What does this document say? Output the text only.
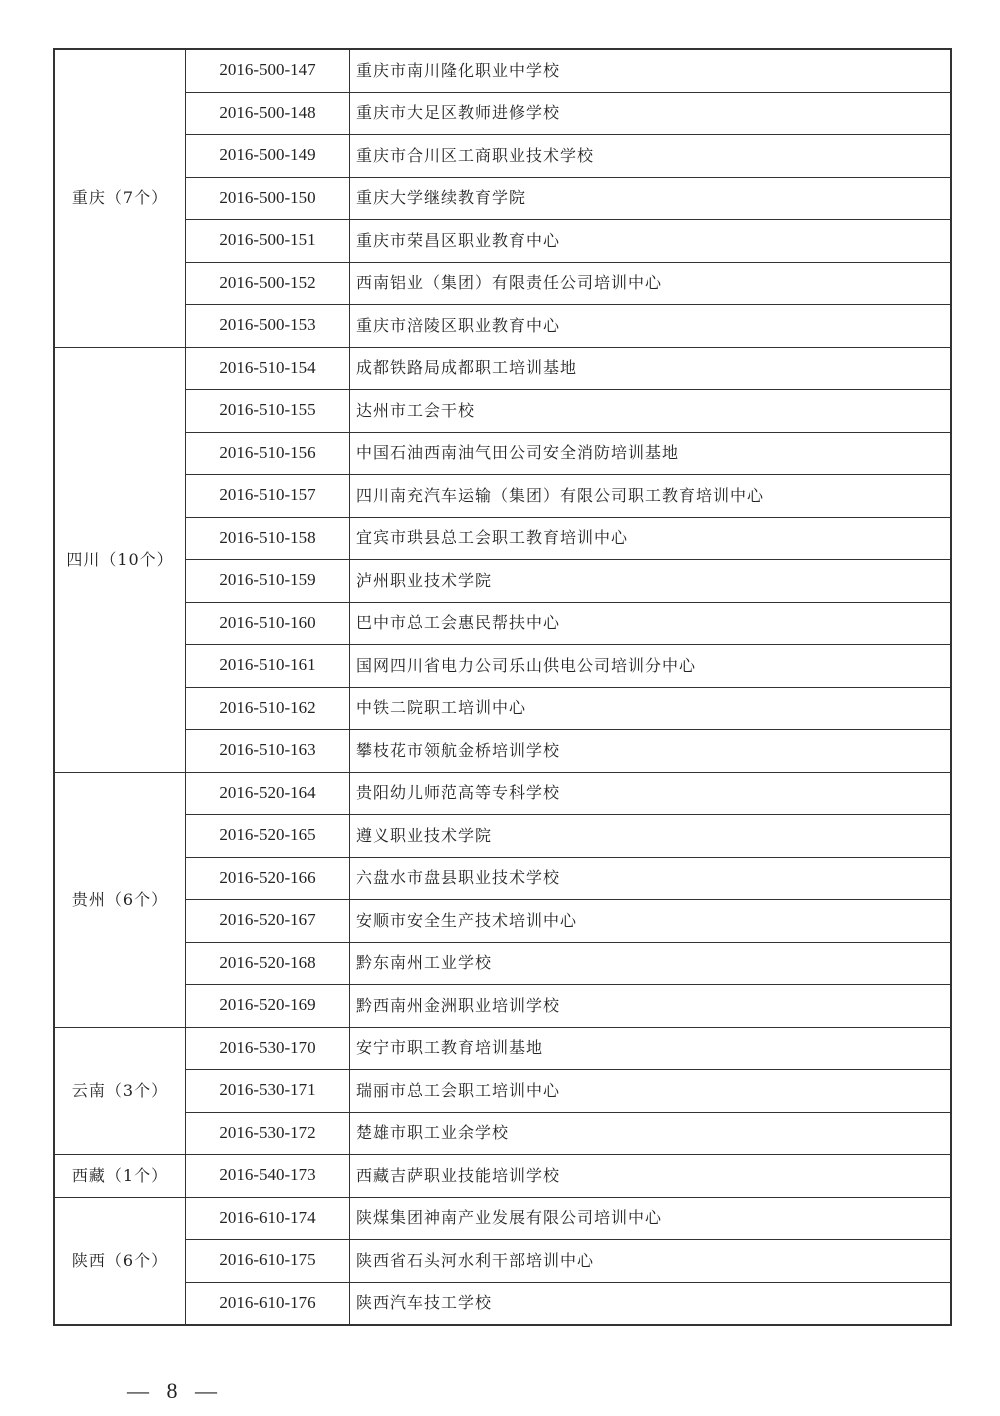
重庆（7个）	2016-500-147	重庆市南川隆化职业中学校
	2016-500-148	重庆市大足区教师进修学校
	2016-500-149	重庆市合川区工商职业技术学校
	2016-500-150	重庆大学继续教育学院
	2016-500-151	重庆市荣昌区职业教育中心
	2016-500-152	西南铝业（集团）有限责任公司培训中心
	2016-500-153	重庆市涪陵区职业教育中心
四川（10个）	2016-510-154	成都铁路局成都职工培训基地
	2016-510-155	达州市工会干校
	2016-510-156	中国石油西南油气田公司安全消防培训基地
	2016-510-157	四川南充汽车运输（集团）有限公司职工教育培训中心
	2016-510-158	宜宾市珙县总工会职工教育培训中心
	2016-510-159	泸州职业技术学院
	2016-510-160	巴中市总工会惠民帮扶中心
	2016-510-161	国网四川省电力公司乐山供电公司培训分中心
	2016-510-162	中铁二院职工培训中心
	2016-510-163	攀枝花市领航金桥培训学校
贵州（6个）	2016-520-164	贵阳幼儿师范高等专科学校
	2016-520-165	遵义职业技术学院
	2016-520-166	六盘水市盘县职业技术学校
	2016-520-167	安顺市安全生产技术培训中心
	2016-520-168	黔东南州工业学校
	2016-520-169	黔西南州金洲职业培训学校
云南（3个）	2016-530-170	安宁市职工教育培训基地
	2016-530-171	瑞丽市总工会职工培训中心
	2016-530-172	楚雄市职工业余学校
西藏（1个）	2016-540-173	西藏吉萨职业技能培训学校
陕西（6个）	2016-610-174	陕煤集团神南产业发展有限公司培训中心
	2016-610-175	陕西省石头河水利干部培训中心
	2016-610-176	陕西汽车技工学校
— 8 —
